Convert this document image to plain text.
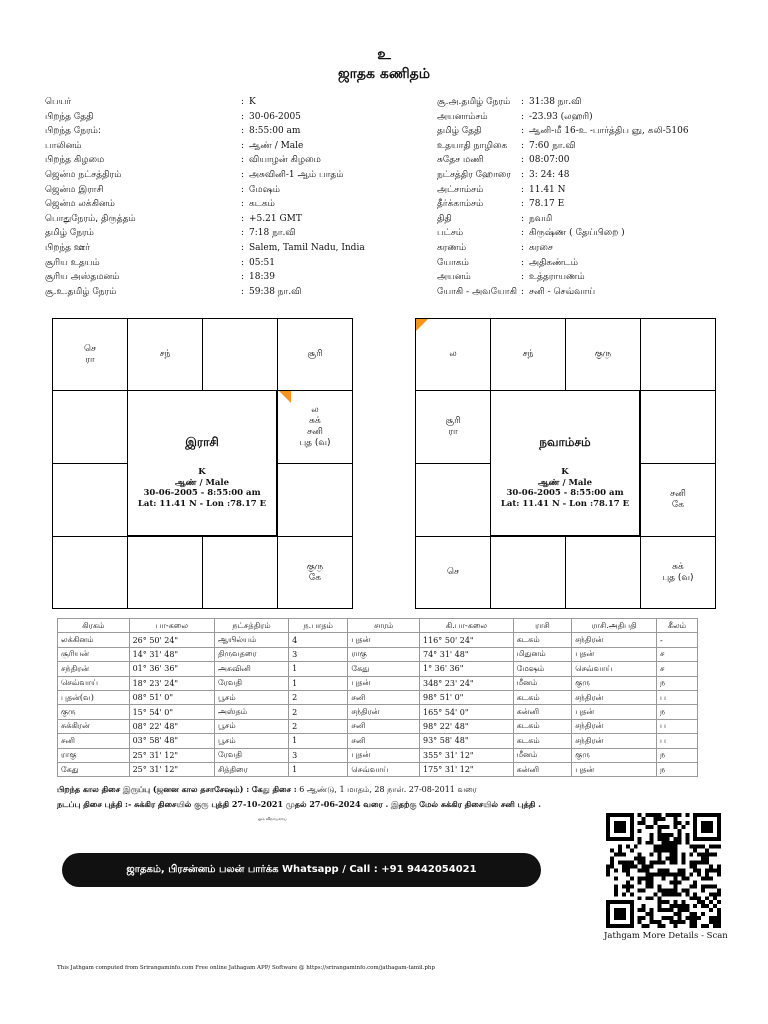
உ
ஜாதக கணிதம்
பெயர்	:	K
பிறந்த தேதி	:	30-06-2005
பிறந்த நேரம்:	:	8:55:00 am
பாலினம்	:	ஆண் / Male
பிறந்த கிழமை	:	வியாழன் கிழமை
ஜென்ம நட்சத்திரம்	:	அசுவினி-1 ஆம் பாதம்
ஜென்ம இராசி	:	மேஷம்
ஜென்ம லக்கினம்	:	கடகம்
பொதுநேரம், திருத்தம்	:	+5.21 GMT
தமிழ் நேரம்	:	7:18 நா.வி
பிறந்த ஊர்	:	Salem, Tamil Nadu, India
சூரிய உதயம்	:	05:51
சூரிய அஸ்தமனம்	:	18:39
சூ.உ.தமிழ் நேரம்	:	59:38 நா.வி
சூ.அ.தமிழ் நேரம்	:	31:38 நா.வி
அயனாம்சம்	:	-23.93 (லஹரி)
தமிழ் தேதி	:	ஆனி-மீ 16-உ -பார்த்திப ஞு, கலி-5106
உதயாதி நாழிகை	:	7:60 நா.வி
சுதேச மணி	:	08:07:00
நட்சத்திர ஹோரை	:	3: 24: 48
அட்சாம்சம்	:	11.41 N
தீர்க்காம்சம்	:	78.17 E
திதி	:	நவமி
பட்சம்	:	கிருஷ்ண ( தேய்பிறை )
கரணம்	:	கரசை
யோகம்	:	அதிகண்டம்
அயனம்	:	உத்தராயணம்
யோகி - அவயோகி	:	சனி - செவ்வாய்
குரு
கே
ல
சுக்
சனி
புத (வ)
சூரி
சந்
செ
ரா
இராசி
K
ஆண் / Male
30-06-2005 - 8:55:00 am
Lat: 11.41 N - Lon :78.17 E
சூரி
ரா
செ
சுக்
புத (வ)
சனி
கே
குரு
சந்
ல
நவாம்சம்
K
ஆண் / Male
30-06-2005 - 8:55:00 am
Lat: 11.41 N - Lon :78.17 E
கிரகம்	பா-கலை	நட்சத்திரம்	ந.பாதம்	சாரம்	கி.பா-கலை	ராசி	ராசி.அதிபதி	கீலம்
லக்கினம்	26° 50' 24"	ஆயில்யம்	4	புதன்	116° 50' 24"	கடகம்	சந்திரன்	-
சூரியன்	14° 31' 48"	திருவதரை	3	ராகு	74° 31' 48"	மிதுனம்	புதன்	ச
சந்திரன்	01° 36' 36"	அசுவினி	1	கேது	1° 36' 36"	மேஷம்	செவ்வாய்	ச
செவ்வாய்	18° 23' 24"	ரேவதி	1	புதன்	348° 23' 24"	மீனம்	குரு	ந
புதன்(வ)	08° 51' 0"	பூசம்	2	சனி	98° 51' 0"	கடகம்	சந்திரன்	ப
குரு	15° 54' 0"	அஸ்தம்	2	சந்திரன்	165° 54' 0"	கன்னி	புதன்	ந
சுக்கிரன்	08° 22' 48"	பூசம்	2	சனி	98° 22' 48"	கடகம்	சந்திரன்	ப
சனி	03° 58' 48"	பூசம்	1	சனி	93° 58' 48"	கடகம்	சந்திரன்	ப
ராகு	25° 31' 12"	ரேவதி	3	புதன்	355° 31' 12"	மீனம்	குரு	ந
கேது	25° 31' 12"	சித்திரை	1	செவ்வாய்	175° 31' 12"	கன்னி	புதன்	ந
பிறந்த கால திசை இருப்பு (ஜனன கால தசாசேஷம்) : கேது திசை : 6 ஆண்டு, 1 மாதம், 28 நாள். 27-08-2011 வரை
நடப்பு திசை புத்தி :- சுக்கிர திசையில் குரு புத்தி 27-10-2021 முதல் 27-06-2024 வரை . இதற்கு மேல் சுக்கிர திசையில் சனி புத்தி .
ஓம் விநாயகாய
ஜாதகம், பிரசன்னம் பலன் பார்க்க Whatsapp / Call : +91 9442054021
Jathgam More Details - Scan
This Jathgam computed from Srirangaminfo.com Free online Jathagam APP/ Software @ https://srirangaminfo.com/jathagam-tamil.php
